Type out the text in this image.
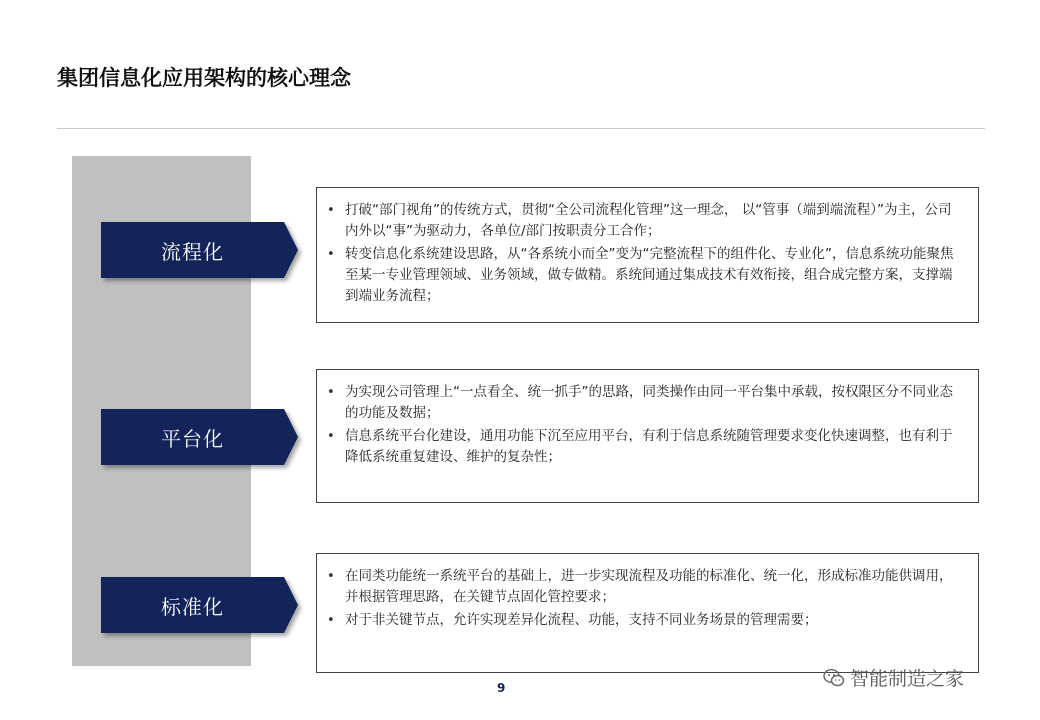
集团信息化应用架构的核心理念
流程化
• 打破“部门视角”的传统方式，贯彻“全公司流程化管理”这一理念， 以“管事（端到端流程）”为主，公司内外以“事”为驱动力，各单位/部门按职责分工合作；
• 转变信息化系统建设思路，从“各系统小而全”变为“完整流程下的组件化、专业化”，信息系统功能聚焦至某一专业管理领域、业务领域，做专做精。系统间通过集成技术有效衔接，组合成完整方案，支撑端到端业务流程；
平台化
• 为实现公司管理上“一点看全、统一抓手”的思路，同类操作由同一平台集中承载，按权限区分不同业态的功能及数据；
• 信息系统平台化建设，通用功能下沉至应用平台，有利于信息系统随管理要求变化快速调整，也有利于降低系统重复建设、维护的复杂性；
标准化
• 在同类功能统一系统平台的基础上，进一步实现流程及功能的标准化、统一化，形成标准功能供调用，并根据管理思路，在关键节点固化管控要求；
• 对于非关键节点，允许实现差异化流程、功能，支持不同业务场景的管理需要；
9	智能制造之家
